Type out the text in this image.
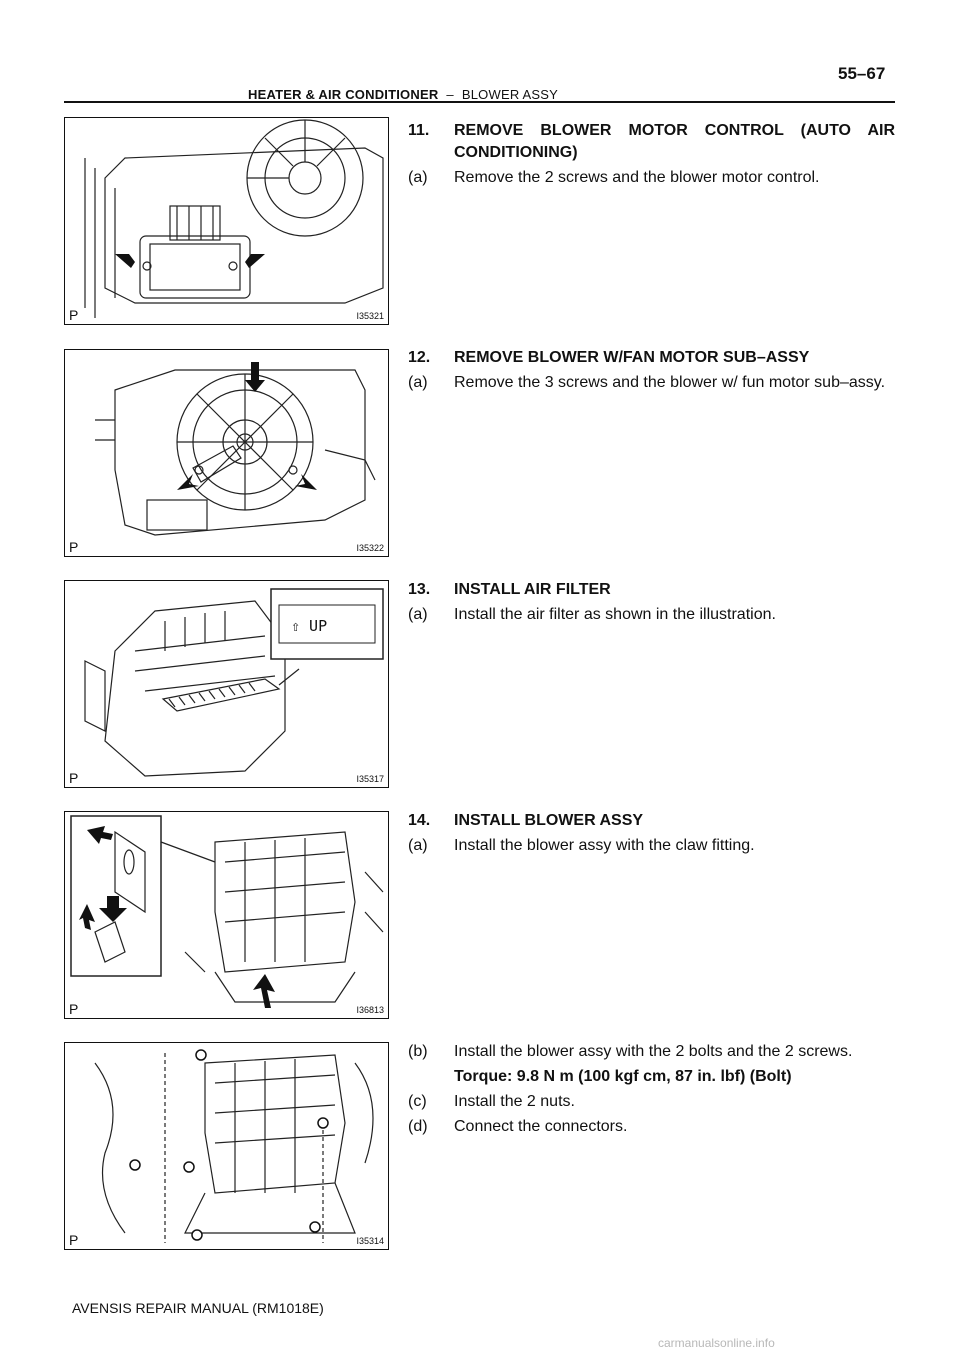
HEATER & AIR CONDITIONER – BLOWER ASSY
55–67
P	I35321
P	I35322
⇧ UP
P	I35317
P	I36813
P	I35314
11. REMOVE BLOWER MOTOR CONTROL (AUTO AIR CONDITIONING)
(a) Remove the 2 screws and the blower motor control.
12. REMOVE BLOWER W/FAN MOTOR SUB–ASSY
(a) Remove the 3 screws and the blower w/ fun motor sub–assy.
13. INSTALL AIR FILTER
(a) Install the air filter as shown in the illustration.
14. INSTALL BLOWER ASSY
(a) Install the blower assy with the claw fitting.
(b) Install the blower assy with the 2 bolts and the 2 screws.
Torque: 9.8 N m (100 kgf cm, 87 in. lbf) (Bolt)
(c) Install the 2 nuts.
(d) Connect the connectors.
AVENSIS REPAIR MANUAL (RM1018E)
carmanualsonline.info
